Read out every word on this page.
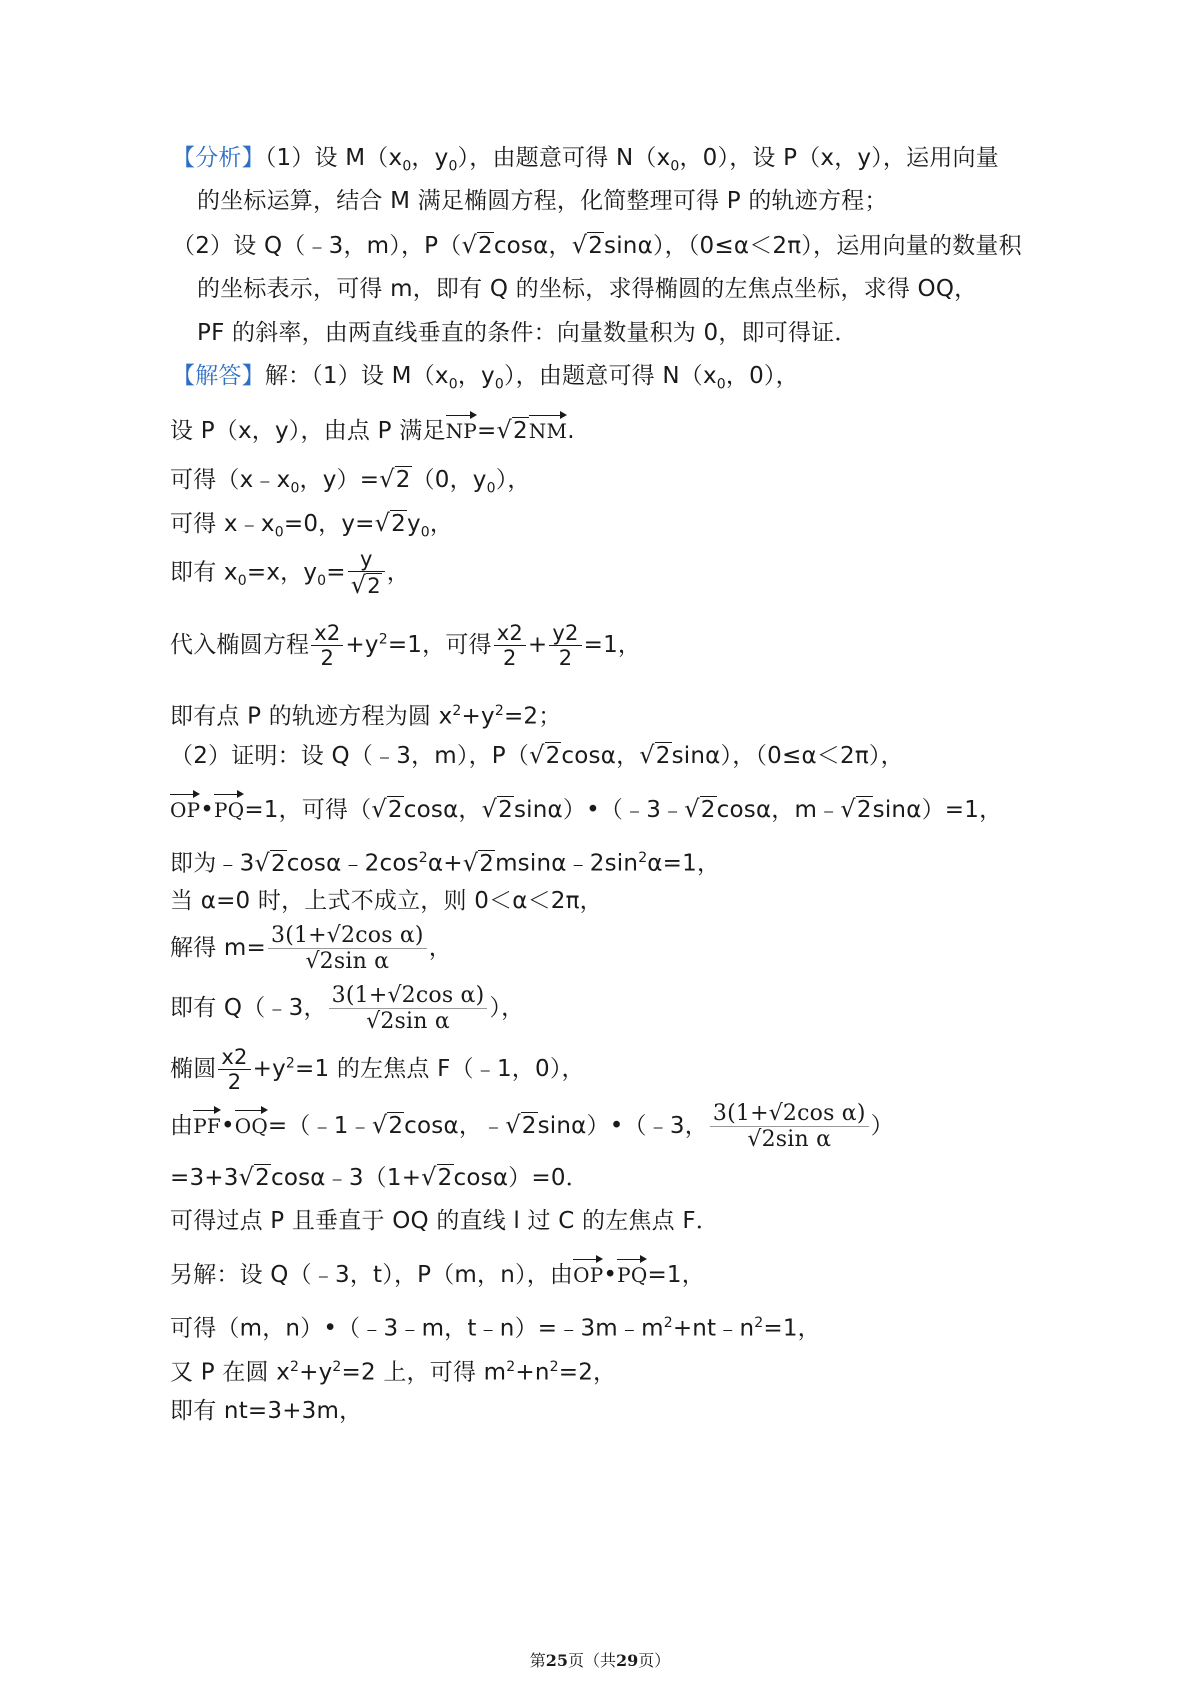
【分析】（1）设 $M(x_0$，$y_0$），由题意可得 $N(x_0$，0），设 P（x，y），运用向量
的坐标运算，结合 M 满足椭圆方程，化简整理可得 P 的轨迹方程；
（2）设 Q（﹣3，m），P（√2cosα，√2sinα），（0≤α＜2π），运用向量的数量积
的坐标表示，可得 m，即有 Q 的坐标，求得椭圆的左焦点坐标，求得 OQ，
PF 的斜率，由两直线垂直的条件：向量数量积为 0，即可得证．
【解答】解：（1）设 $M(x_0$，$y_0$），由题意可得 $N(x_0$，0），
设 P（x，y），由点 P 满足NP=√2NM.
可得（$x﹣x_0$，y）=√2（0，$y_0$），
可得 $x﹣x_0=0$，$y=√2y_0$，
即有 $x_0=x$，$y_0= \frac{y}{√2}$ ，
代入椭圆方程 $\frac{x2}{2} +y^2=1$，可得 $\frac{x2}{2} + \frac{y2}{2} =1$，
即有点 P 的轨迹方程为圆 $x^2+y^2=2$；
（2）证明：设 Q（﹣3，m），P（√2cosα，√2sinα），（0≤α＜2π），
OP•PQ=1，可得（√2cosα，√2sinα）•（﹣3﹣√2cosα，m﹣√2sinα）=1，
即为$﹣3√2\cos\alpha﹣2\cos^2\alpha+√2msin\alpha﹣2\sin^2\alpha=1$，
当 α=0 时，上式不成立，则 0＜α＜2π，
解得 $m= \frac{\text{3(1+√2cos α)}}{\text{√2sin α}}$ ，
即有 Q（﹣3， $\frac{\text{3(1+√2cos α)}}{\text{√2sin α}}$ ），
椭圆 $\frac{x2}{2} +y^2=1$ 的左焦点 F（﹣1，0），
由PF•OQ=（﹣1﹣√2cosα，﹣√2sinα）•（﹣3， $\frac{\text{3(1+√2cos α)}}{\text{√2sin α}}$ ）
=3+3√2cosα﹣3（1+√2cosα）=0．
可得过点 P 且垂直于 OQ 的直线 l 过 C 的左焦点 F．
另解：设 Q（﹣3，t），P（m，n），由OP•PQ=1，
可得（m，n）•（﹣3﹣m，$t﹣n)=﹣3m﹣m^2+nt﹣n^2=1$，
又 P 在圆 $x^2+y^2=2$ 上，可得 $m^2+n^2=2$，
即有 nt=3+3m，
第25页（共29页）
